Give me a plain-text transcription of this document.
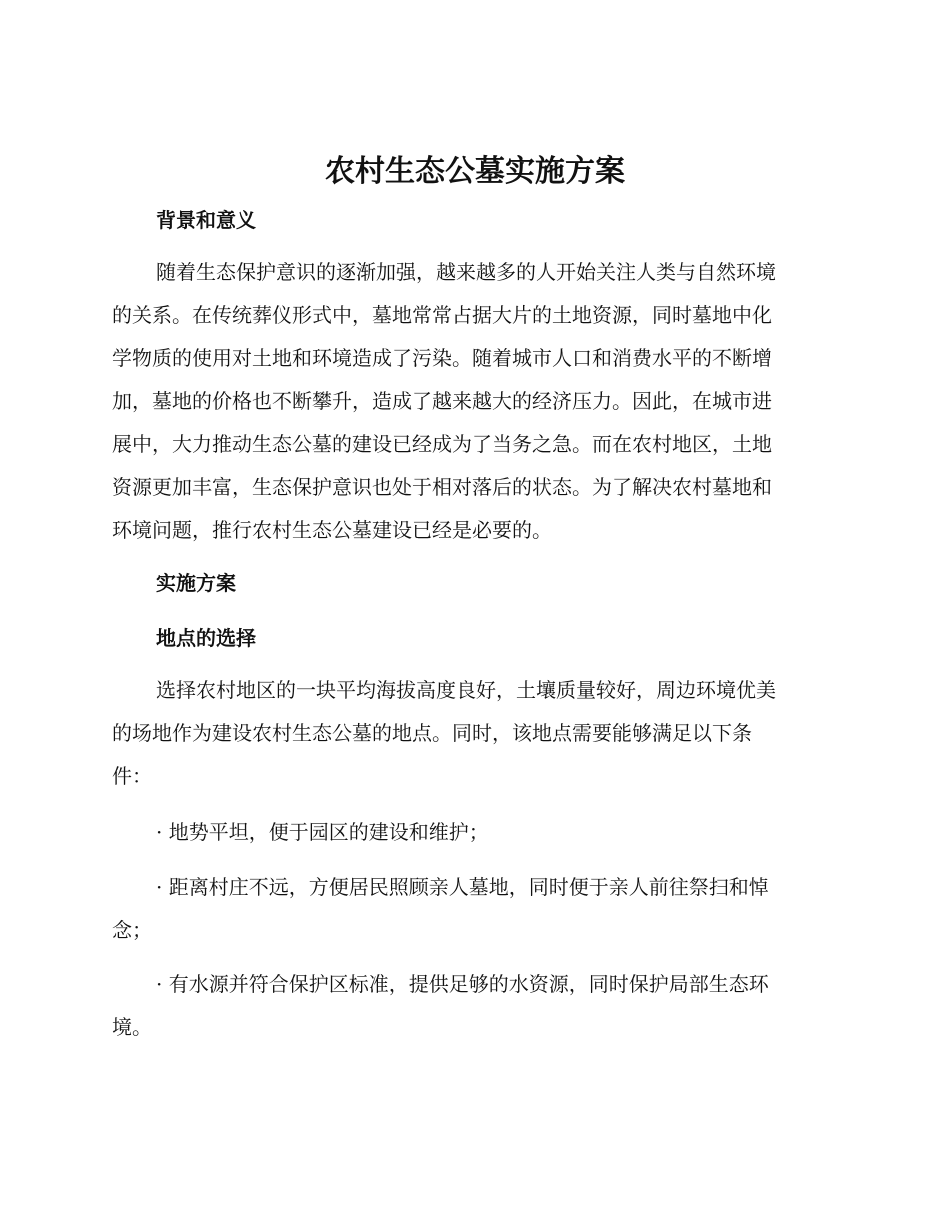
农村生态公墓实施方案
背景和意义
随着生态保护意识的逐渐加强，越来越多的人开始关注人类与自然环境
的关系。在传统葬仪形式中，墓地常常占据大片的土地资源，同时墓地中化
学物质的使用对土地和环境造成了污染。随着城市人口和消费水平的不断增
加，墓地的价格也不断攀升，造成了越来越大的经济压力。因此，在城市进
展中，大力推动生态公墓的建设已经成为了当务之急。而在农村地区，土地
资源更加丰富，生态保护意识也处于相对落后的状态。为了解决农村墓地和
环境问题，推行农村生态公墓建设已经是必要的。
实施方案
地点的选择
选择农村地区的一块平均海拔高度良好，土壤质量较好，周边环境优美
的场地作为建设农村生态公墓的地点。同时，该地点需要能够满足以下条
件：
· 地势平坦，便于园区的建设和维护；
· 距离村庄不远，方便居民照顾亲人墓地，同时便于亲人前往祭扫和悼
念；
· 有水源并符合保护区标准，提供足够的水资源，同时保护局部生态环
境。
